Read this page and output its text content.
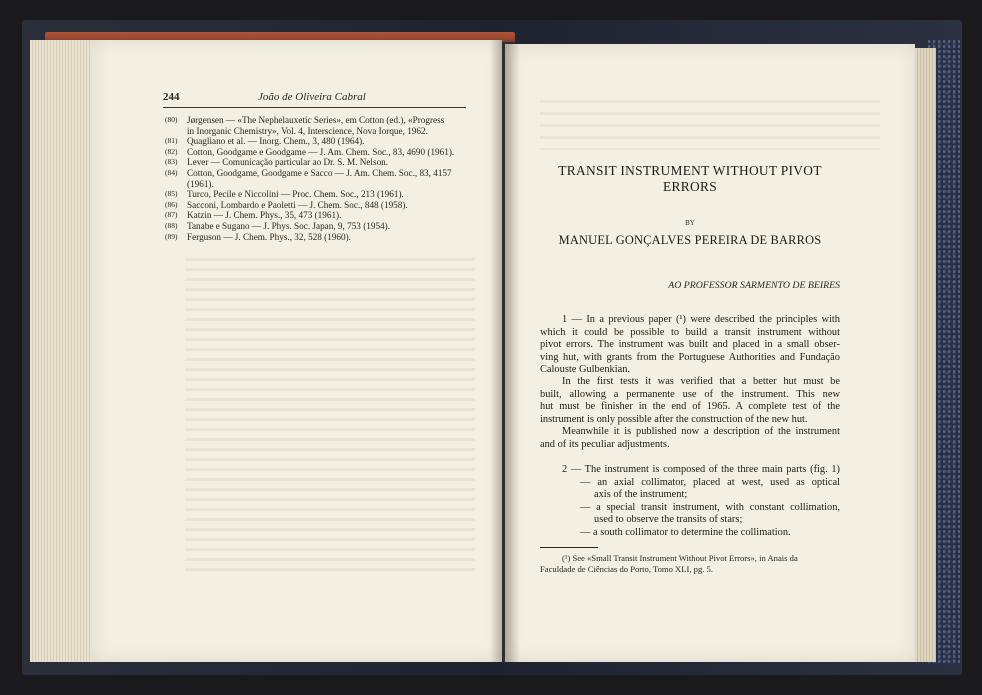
244	João de Oliveira Cabral
(80) Jørgensen — «The Nephelauxetic Series», em Cotton (ed.), «Progress
in Inorganic Chemistry», Vol. 4, Interscience, Nova Iorque, 1962.
(81) Quagliano et al. — Inorg. Chem., 3, 480 (1964).
(82) Cotton, Goodgame e Goodgame — J. Am. Chem. Soc., 83, 4690 (1961).
(83) Lever — Comunicação particular ao Dr. S. M. Nelson.
(84) Cotton, Goodgame, Goodgame e Sacco — J. Am. Chem. Soc., 83, 4157
(1961).
(85) Turco, Pecile e Niccolini — Proc. Chem. Soc., 213 (1961).
(86) Sacconi, Lombardo e Paoletti — J. Chem. Soc., 848 (1958).
(87) Katzin — J. Chem. Phys., 35, 473 (1961).
(88) Tanabe e Sugano — J. Phys. Soc. Japan, 9, 753 (1954).
(89) Ferguson — J. Chem. Phys., 32, 528 (1960).
TRANSIT INSTRUMENT WITHOUT PIVOT
ERRORS
BY
MANUEL GONÇALVES PEREIRA DE BARROS
AO PROFESSOR SARMENTO DE BEIRES
1 — In a previous paper (¹) were described the principles with
which it could be possible to build a transit instrument without
pivot errors. The instrument was built and placed in a small obser-
ving hut, with grants from the Portuguese Authorities and Fundação
Calouste Gulbenkian.
In the first tests it was verified that a better hut must be
built, allowing a permanente use of the instrument. This new
hut must be finisher in the end of 1965. A complete test of the
instrument is only possible after the construction of the new hut.
Meanwhile it is published now a description of the instrument
and of its peculiar adjustments.
2 — The instrument is composed of the three main parts (fig. 1)
— an axial collimator, placed at west, used as optical
axis of the instrument;
— a special transit instrument, with constant collimation,
used to observe the transits of stars;
— a south collimator to determine the collimation.
(¹) See «Small Transit Instrument Without Pivot Errors», in Anais da
Faculdade de Ciências do Porto, Tomo XLI, pg. 5.
